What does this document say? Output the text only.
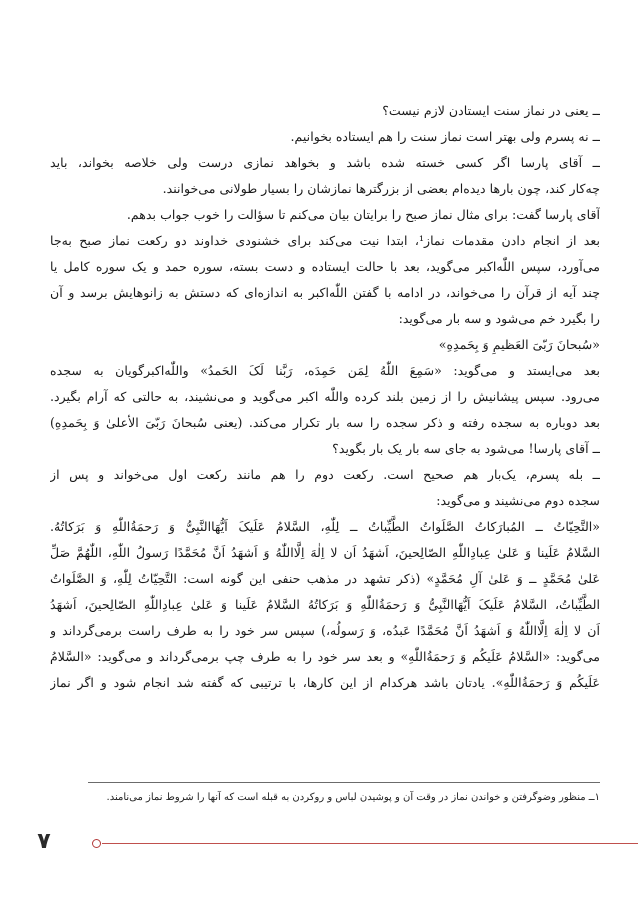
ــ یعنی در نماز سنت ایستادن لازم نیست؟
ــ نه پسرم ولی بهتر است نماز سنت را هم ایستاده بخوانیم.
ــ آقای پارسا اگر کسی خسته شده باشد و بخواهد نمازی درست ولی خلاصه بخواند، باید
چه‌کار کند، چون بارها دیده‌ام بعضی از بزرگترها نمازشان را بسیار طولانی می‌خوانند.
آقای پارسا گفت: برای مثال نماز صبح را برایتان بیان می‌کنم تا سؤالت را خوب جواب بدهم.
بعد از انجام دادن مقدمات نماز¹، ابتدا نیت می‌کند برای خشنودی خداوند دو رکعت نماز صبح به‌جا
می‌آورد، سپس اللّٰه‌اکبر می‌گوید، بعد با حالت ایستاده و دست بسته، سوره حمد و یک سوره کامل یا
چند آیه از قرآن را می‌خواند، در ادامه با گفتن اللّٰه‌اکبر به اندازه‌ای که دستش به زانوهایش برسد و آن
را بگیرد خم می‌شود و سه بار می‌گوید:
«سُبحانَ رَبّیَ العَظیمِ وَ بِحَمدِهِ»
بعد می‌ایستد و می‌گوید: «سَمِعَ اللّٰهُ لِمَن حَمِدَه، رَبَّنا لَکَ الحَمدُ» واللّٰه‌اکبرگویان به سجده
می‌رود. سپس پیشانیش را از زمین بلند کرده واللّٰه اکبر می‌گوید و می‌نشیند، به حالتی که آرام بگیرد.
بعد دوباره به سجده رفته و ذکر سجده را سه بار تکرار می‌کند. (یعنی سُبحانَ رَبّیَ الأعلیٰ وَ بِحَمدِهِ)
ــ آقای پارسا! می‌شود به جای سه بار یک بار بگوید؟
ــ بله پسرم، یک‌بار هم صحیح است. رکعت دوم را هم مانند رکعت اول می‌خواند و پس از
سجده دوم می‌نشیند و می‌گوید:
«التَّحِیّاتُ ــ المُبارَکاتُ الصَّلَواتُ الطَّیِّباتُ ــ لِلّٰهِ، السَّلامُ عَلَیکَ اَیُّهَاالنَّبِیُّ وَ رَحمَةُاللّٰهِ وَ بَرَکاتُهُ.
السَّلامُ عَلَینا وَ عَلیٰ عِبادِاللّٰهِ الصّالِحینَ، اَشهَدُ اَن لا اِلٰهَ اِلَّااللّٰهُ وَ اَشهَدُ اَنَّ مُحَمَّدًا رَسولُ اللّٰهِ، اللّٰهُمَّ صَلِّ
عَلیٰ مُحَمَّدٍ ــ وَ عَلیٰ آلِ مُحَمَّدٍ» (ذکر تشهد در مذهب حنفی این گونه است: التَّحِیّاتُ لِلّٰهِ، وَ الصَّلَواتُ
الطَّیِّباتُ، السَّلامُ عَلَیکَ اَیُّهَاالنَّبِیُّ وَ رَحمَةُاللّٰهِ وَ بَرَکاتُهُ السَّلامُ عَلَینا وَ عَلیٰ عِبادِاللّٰهِ الصّالِحینَ، اَشهَدُ
اَن لا اِلٰهَ اِلَّااللّٰهُ وَ اَشهَدُ اَنَّ مُحَمَّدًا عَبدُه، وَ رَسولُه،) سپس سر خود را به طرف راست برمی‌گرداند و
می‌گوید: «السَّلامُ عَلَیکُم وَ رَحمَةُاللّٰهِ» و بعد سر خود را به طرف چپ برمی‌گرداند و می‌گوید: «السَّلامُ
عَلَیکُم وَ رَحمَةُاللّٰهِ». یادتان باشد هرکدام از این کارها، با ترتیبی که گفته شد انجام شود و اگر نماز
۱ــ منظور وضوگرفتن و خواندن نماز در وقت آن و پوشیدن لباس و روکردن به قبله است که آنها را شروط نماز می‌نامند.
۷
